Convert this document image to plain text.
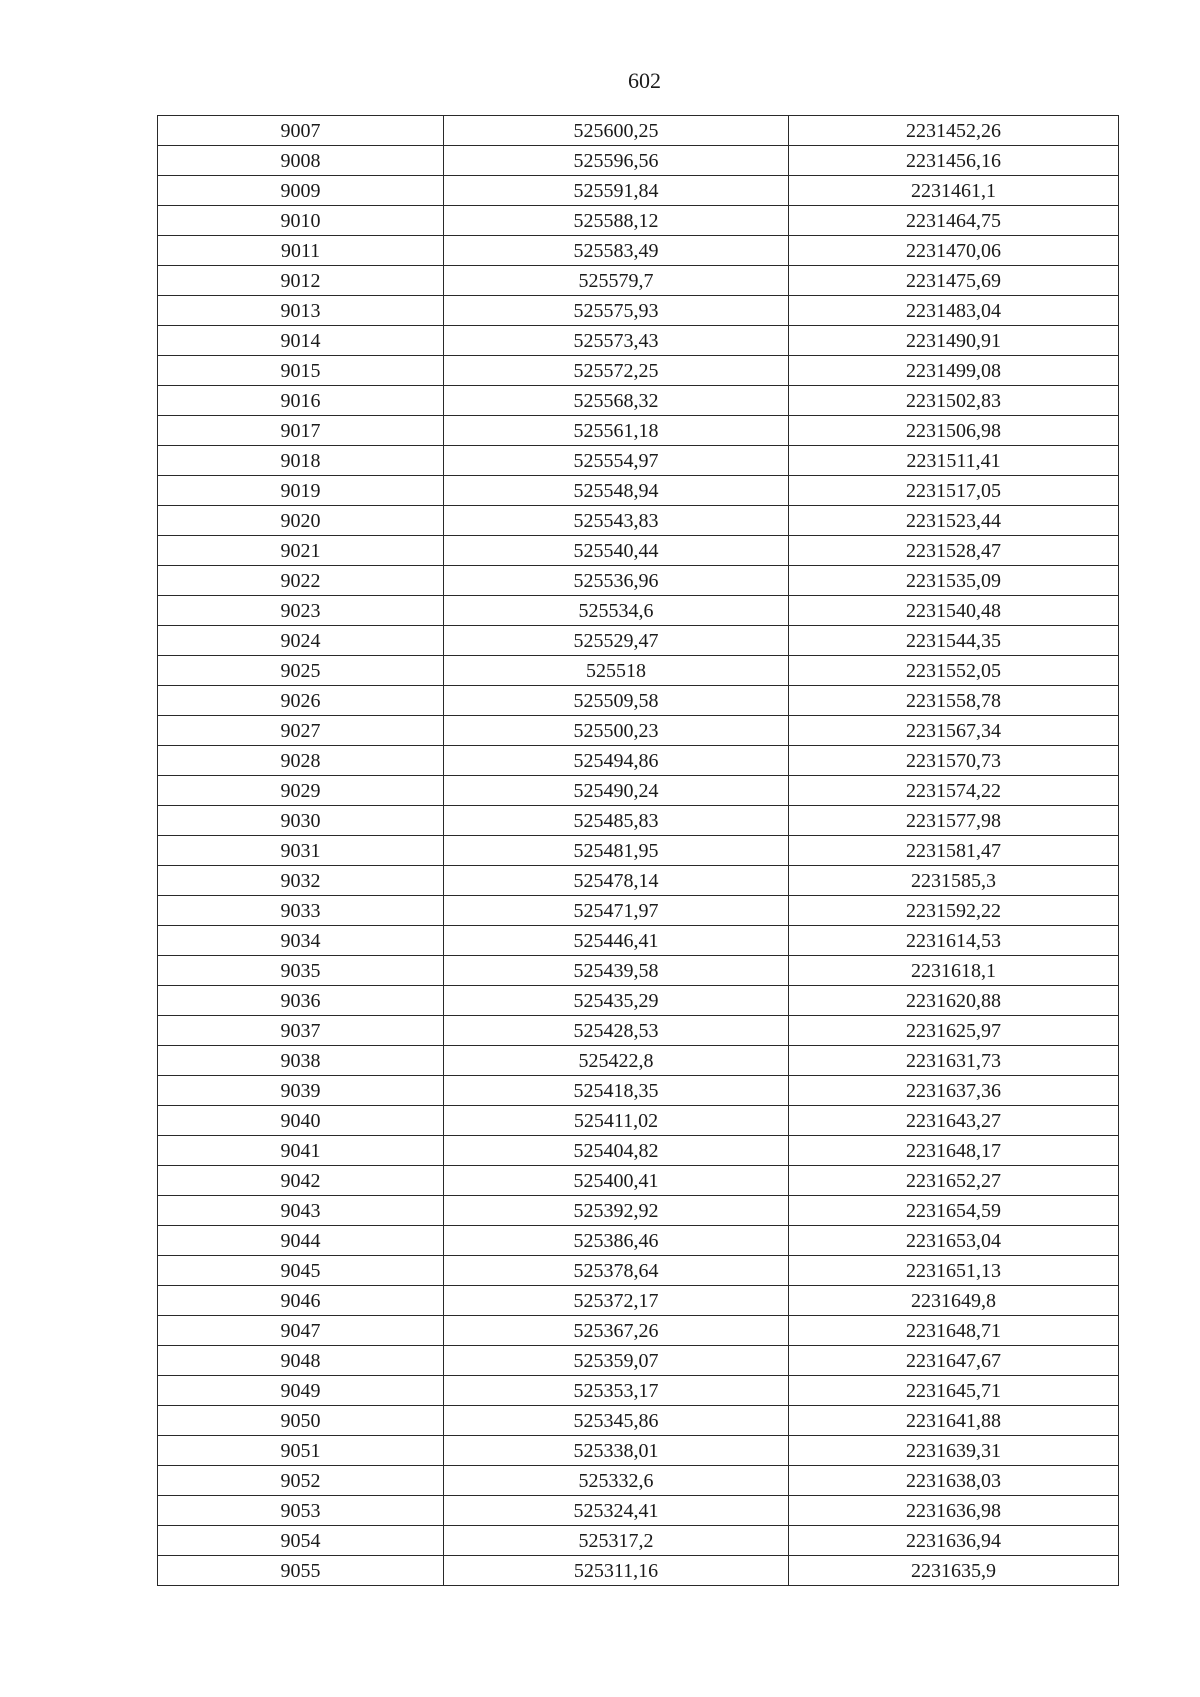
602
9007	525600,25	2231452,26
9008	525596,56	2231456,16
9009	525591,84	2231461,1
9010	525588,12	2231464,75
9011	525583,49	2231470,06
9012	525579,7	2231475,69
9013	525575,93	2231483,04
9014	525573,43	2231490,91
9015	525572,25	2231499,08
9016	525568,32	2231502,83
9017	525561,18	2231506,98
9018	525554,97	2231511,41
9019	525548,94	2231517,05
9020	525543,83	2231523,44
9021	525540,44	2231528,47
9022	525536,96	2231535,09
9023	525534,6	2231540,48
9024	525529,47	2231544,35
9025	525518	2231552,05
9026	525509,58	2231558,78
9027	525500,23	2231567,34
9028	525494,86	2231570,73
9029	525490,24	2231574,22
9030	525485,83	2231577,98
9031	525481,95	2231581,47
9032	525478,14	2231585,3
9033	525471,97	2231592,22
9034	525446,41	2231614,53
9035	525439,58	2231618,1
9036	525435,29	2231620,88
9037	525428,53	2231625,97
9038	525422,8	2231631,73
9039	525418,35	2231637,36
9040	525411,02	2231643,27
9041	525404,82	2231648,17
9042	525400,41	2231652,27
9043	525392,92	2231654,59
9044	525386,46	2231653,04
9045	525378,64	2231651,13
9046	525372,17	2231649,8
9047	525367,26	2231648,71
9048	525359,07	2231647,67
9049	525353,17	2231645,71
9050	525345,86	2231641,88
9051	525338,01	2231639,31
9052	525332,6	2231638,03
9053	525324,41	2231636,98
9054	525317,2	2231636,94
9055	525311,16	2231635,9
